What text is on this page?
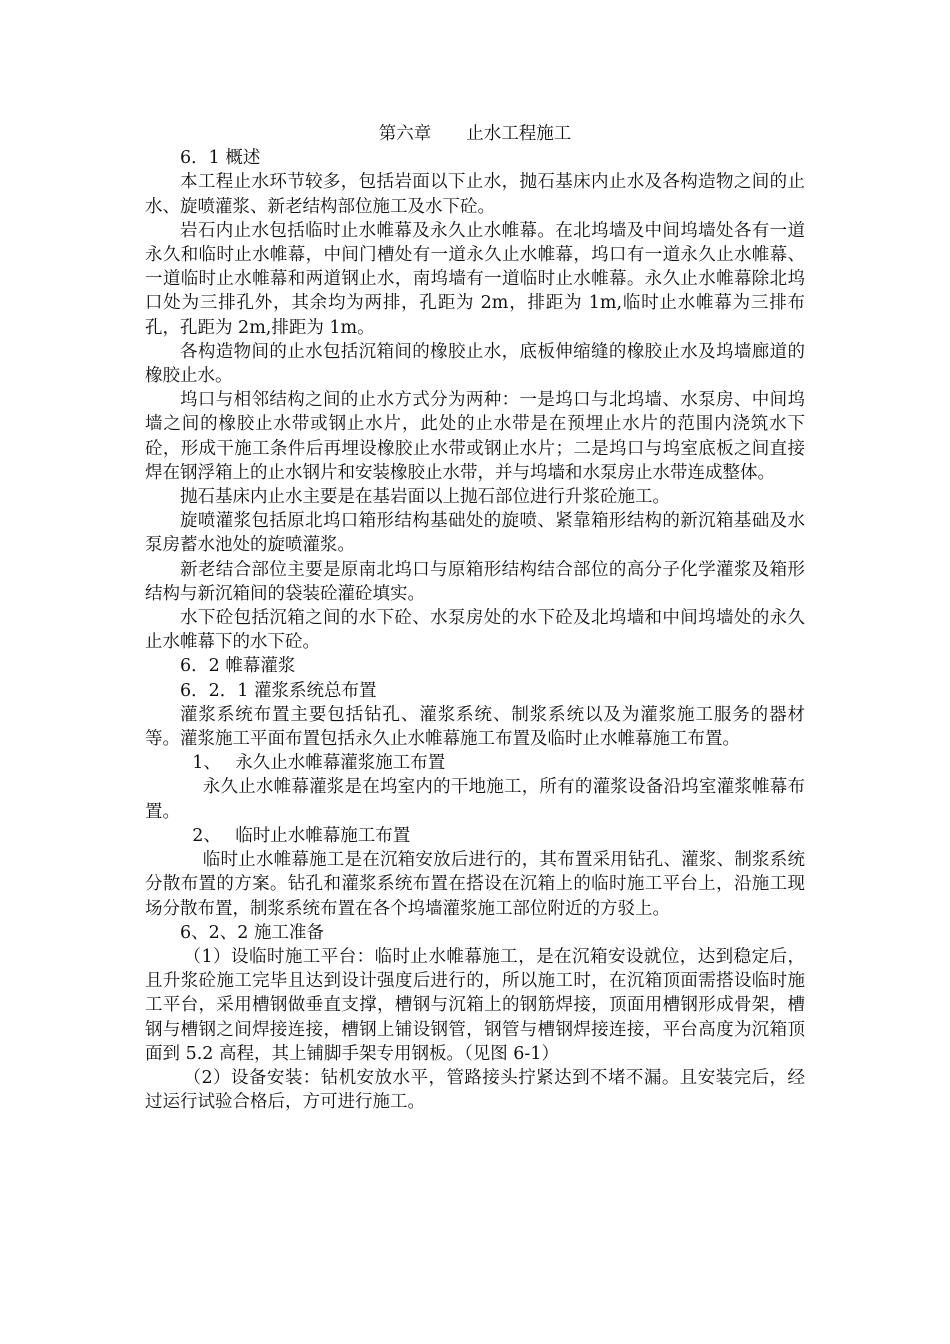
第六章　　止水工程施工

6．1 概述

本工程止水环节较多，包括岩面以下止水，抛石基床内止水及各构造物之间的止水、旋喷灌浆、新老结构部位施工及水下砼。

岩石内止水包括临时止水帷幕及永久止水帷幕。在北坞墙及中间坞墙处各有一道永久和临时止水帷幕，中间门槽处有一道永久止水帷幕，坞口有一道永久止水帷幕、一道临时止水帷幕和两道钢止水，南坞墙有一道临时止水帷幕。永久止水帷幕除北坞口处为三排孔外，其余均为两排，孔距为 2m，排距为 1m,临时止水帷幕为三排布孔，孔距为 2m,排距为 1m。

各构造物间的止水包括沉箱间的橡胶止水，底板伸缩缝的橡胶止水及坞墙廊道的橡胶止水。

坞口与相邻结构之间的止水方式分为两种：一是坞口与北坞墙、水泵房、中间坞墙之间的橡胶止水带或钢止水片，此处的止水带是在预埋止水片的范围内浇筑水下砼，形成干施工条件后再埋设橡胶止水带或钢止水片；二是坞口与坞室底板之间直接焊在钢浮箱上的止水钢片和安装橡胶止水带，并与坞墙和水泵房止水带连成整体。

抛石基床内止水主要是在基岩面以上抛石部位进行升浆砼施工。

旋喷灌浆包括原北坞口箱形结构基础处的旋喷、紧靠箱形结构的新沉箱基础及水泵房蓄水池处的旋喷灌浆。

新老结合部位主要是原南北坞口与原箱形结构结合部位的高分子化学灌浆及箱形结构与新沉箱间的袋装砼灌砼填实。

水下砼包括沉箱之间的水下砼、水泵房处的水下砼及北坞墙和中间坞墙处的永久止水帷幕下的水下砼。

6．2 帷幕灌浆

6．2．1 灌浆系统总布置

灌浆系统布置主要包括钻孔、灌浆系统、制浆系统以及为灌浆施工服务的器材等。灌浆施工平面布置包括永久止水帷幕施工布置及临时止水帷幕施工布置。

1、　 永久止水帷幕灌浆施工布置

永久止水帷幕灌浆是在坞室内的干地施工，所有的灌浆设备沿坞室灌浆帷幕布置。

2、　 临时止水帷幕施工布置

临时止水帷幕施工是在沉箱安放后进行的，其布置采用钻孔、灌浆、制浆系统分散布置的方案。钻孔和灌浆系统布置在搭设在沉箱上的临时施工平台上，沿施工现场分散布置，制浆系统布置在各个坞墙灌浆施工部位附近的方驳上。

6、2、2 施工准备

（1）设临时施工平台：临时止水帷幕施工，是在沉箱安设就位，达到稳定后，且升浆砼施工完毕且达到设计强度后进行的，所以施工时，在沉箱顶面需搭设临时施工平台，采用槽钢做垂直支撑，槽钢与沉箱上的钢筋焊接，顶面用槽钢形成骨架，槽钢与槽钢之间焊接连接，槽钢上铺设钢管，钢管与槽钢焊接连接，平台高度为沉箱顶面到 5.2 高程，其上铺脚手架专用钢板。（见图 6-1）

（2）设备安装：钻机安放水平，管路接头拧紧达到不堵不漏。且安装完后，经过运行试验合格后，方可进行施工。
